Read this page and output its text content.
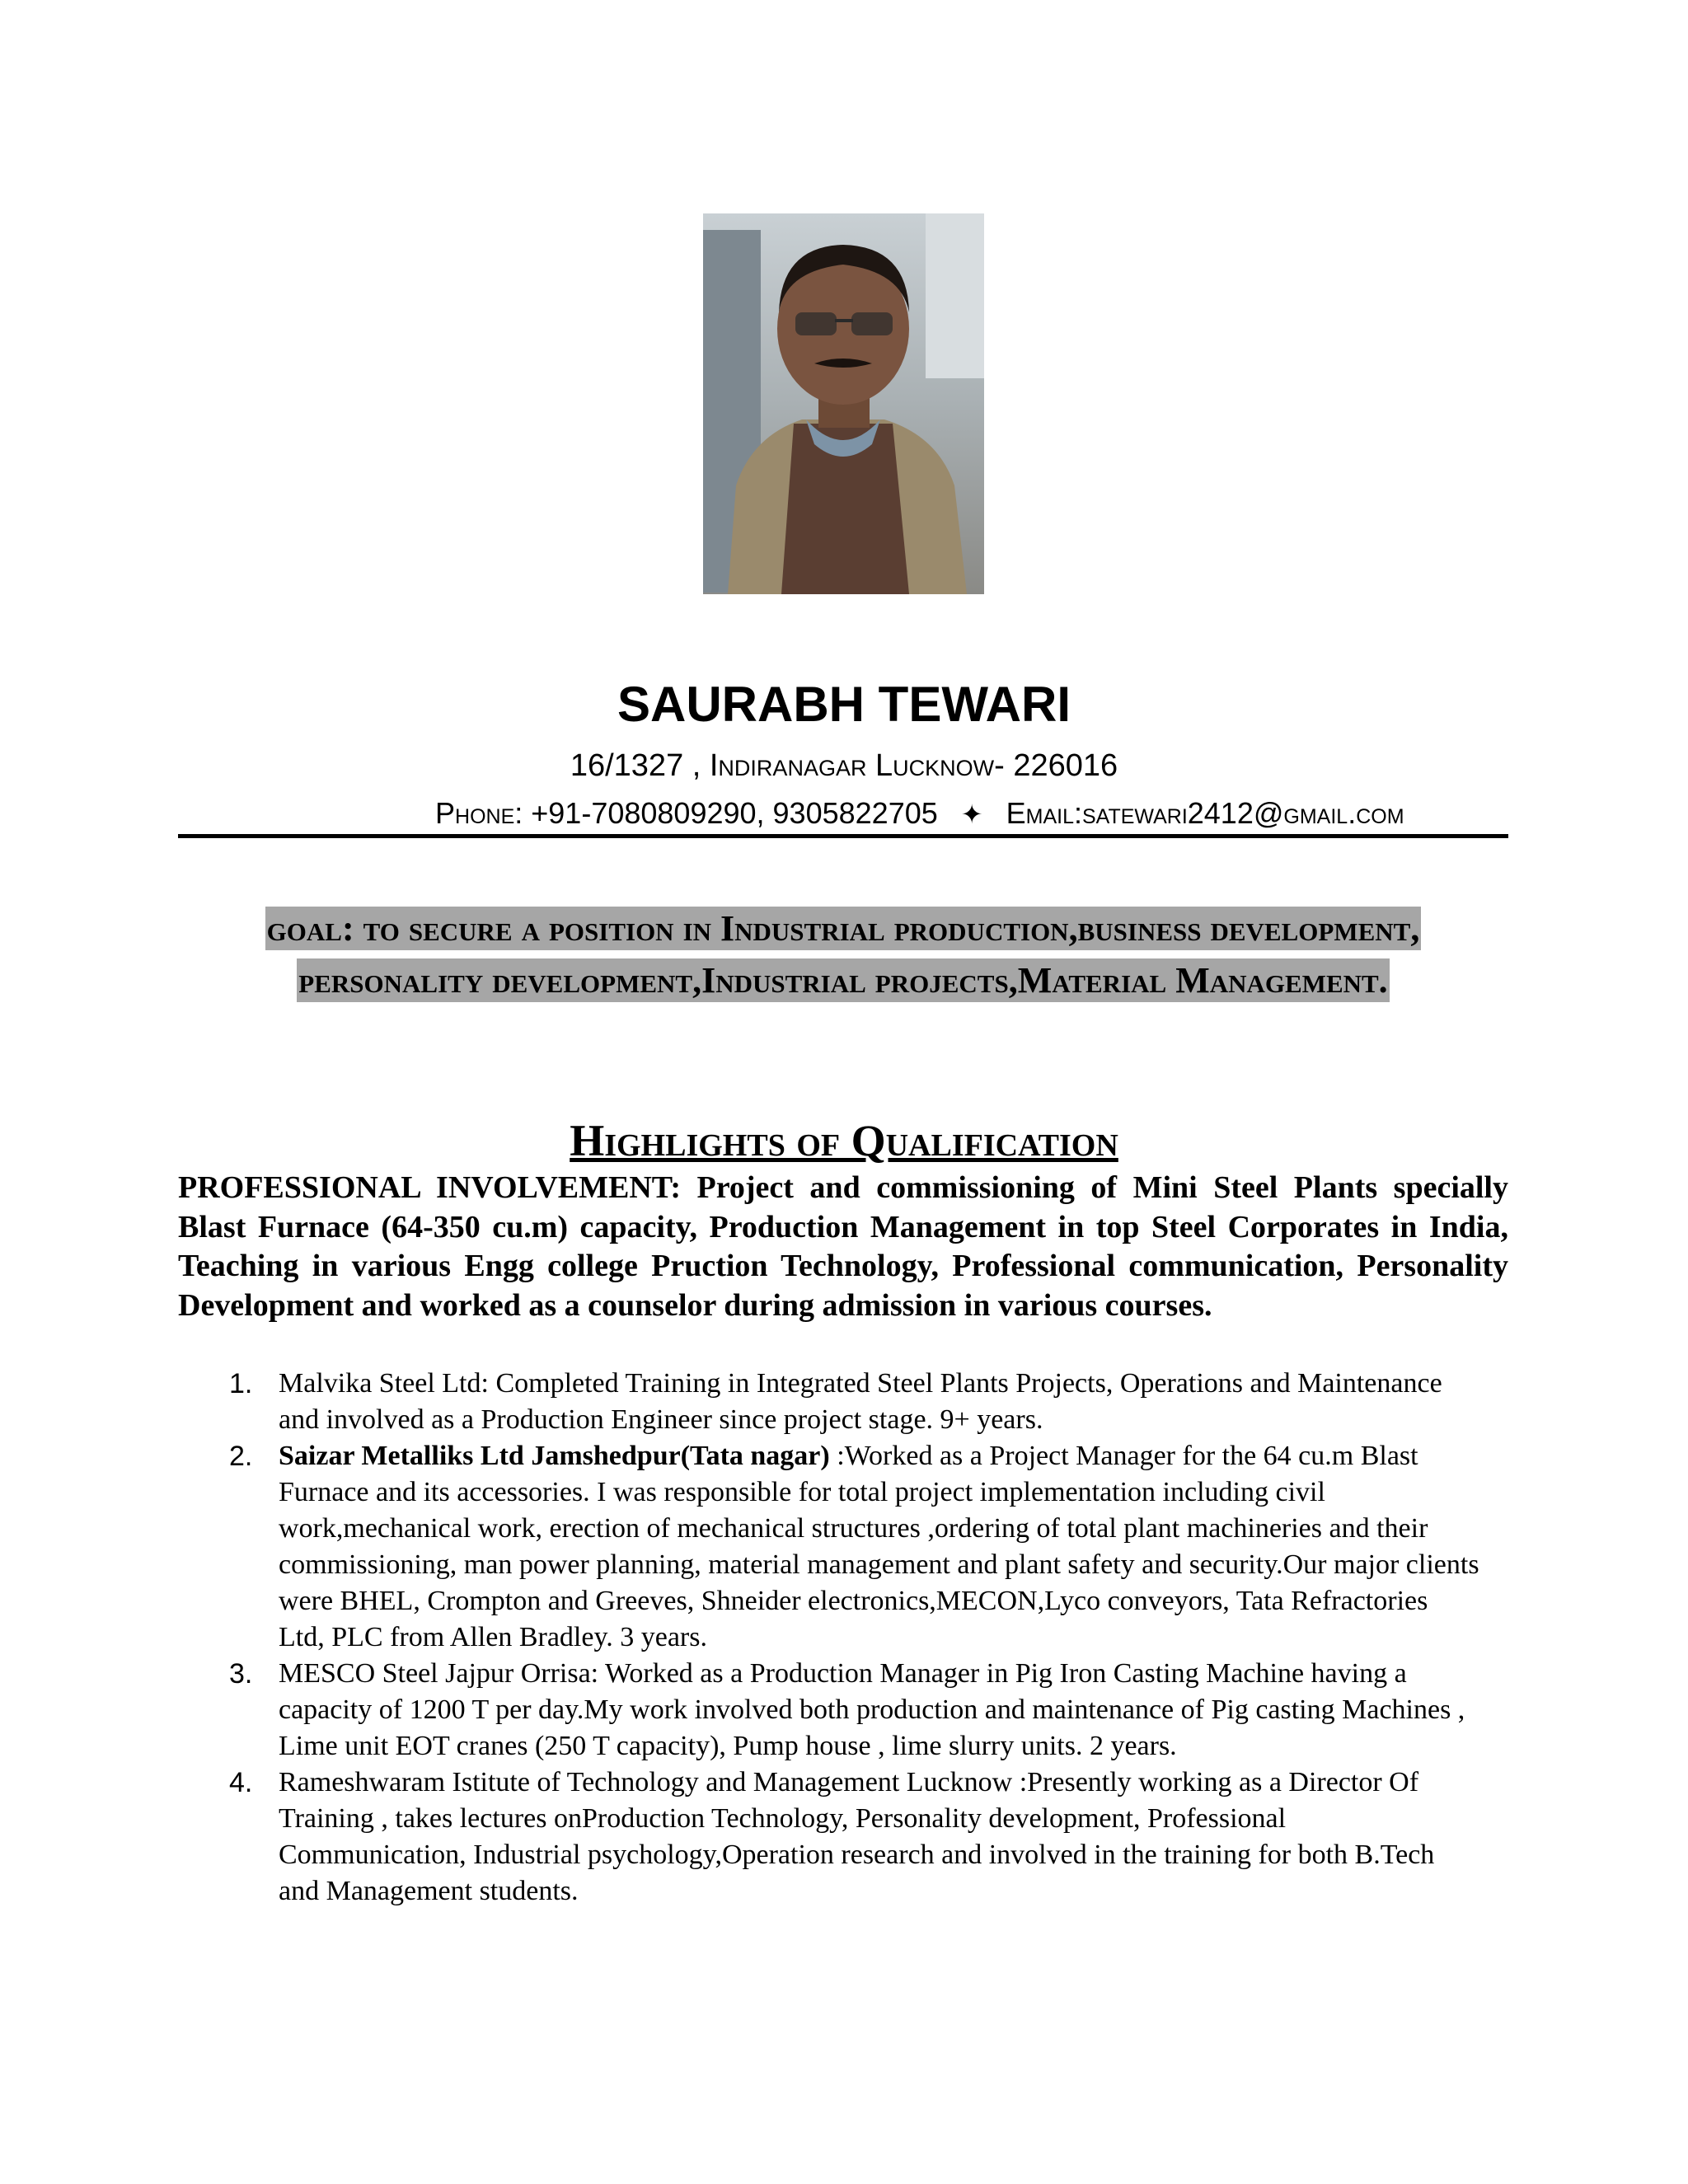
SAURABH TEWARI
16/1327 , Indiranagar Lucknow- 226016
Phone: +91-7080809290, 9305822705 ✦ Email:satewari2412@gmail.com
goal: to secure a position in Industrial production,business development, personality development,Industrial projects,Material Management.
Highlights of Qualification
PROFESSIONAL INVOLVEMENT: Project and commissioning of Mini Steel Plants specially Blast Furnace (64-350 cu.m) capacity, Production Management in top Steel Corporates in India, Teaching in various Engg college Pruction Technology, Professional communication, Personality Development and worked as a counselor during admission in various courses.
1. Malvika Steel Ltd: Completed Training in Integrated Steel Plants Projects, Operations and Maintenance and involved as a Production Engineer since project stage. 9+ years.
2. Saizar Metalliks Ltd Jamshedpur(Tata nagar) :Worked as a Project Manager for the 64 cu.m Blast Furnace and its accessories. I was responsible for total project implementation including civil work,mechanical work, erection of mechanical structures ,ordering of total plant machineries and their commissioning, man power planning, material management and plant safety and security.Our major clients were BHEL, Crompton and Greeves, Shneider electronics,MECON,Lyco conveyors, Tata Refractories Ltd, PLC from Allen Bradley. 3 years.
3. MESCO Steel Jajpur Orrisa: Worked as a Production Manager in Pig Iron Casting Machine having a capacity of 1200 T per day.My work involved both production and maintenance of Pig casting Machines , Lime unit EOT cranes (250 T capacity), Pump house , lime slurry units. 2 years.
4. Rameshwaram Istitute of Technology and Management Lucknow :Presently working as a Director Of Training , takes lectures onProduction Technology, Personality development, Professional Communication, Industrial psychology,Operation research and involved in the training for both B.Tech and Management students.
